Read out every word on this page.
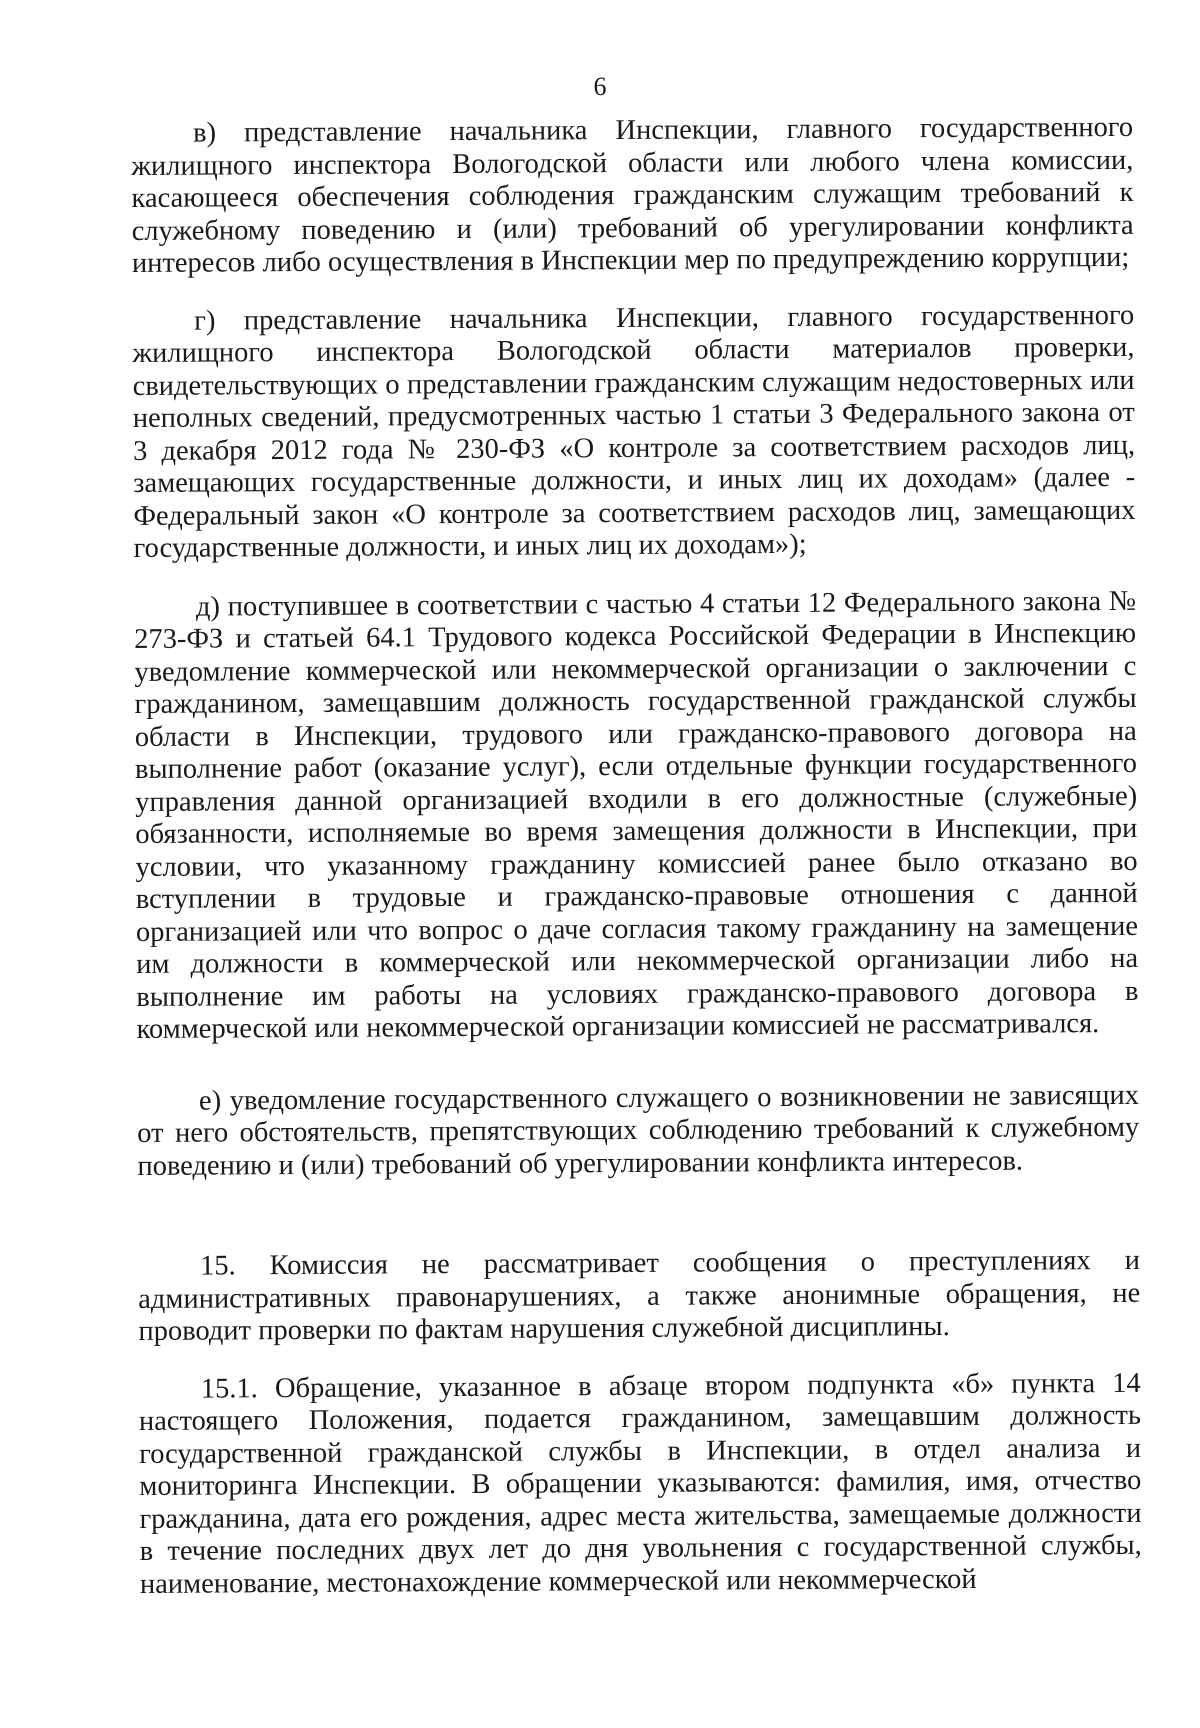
6

в) представление начальника Инспекции, главного государственного жилищного инспектора Вологодской области или любого члена комиссии, касающееся обеспечения соблюдения гражданским служащим требований к служебному поведению и (или) требований об урегулировании конфликта интересов либо осуществления в Инспекции мер по предупреждению коррупции;

г) представление начальника Инспекции, главного государственного жилищного инспектора Вологодской области материалов проверки, свидетельствующих о представлении гражданским служащим недостоверных или неполных сведений, предусмотренных частью 1 статьи 3 Федерального закона от 3 декабря 2012 года № 230-ФЗ «О контроле за соответствием расходов лиц, замещающих государственные должности, и иных лиц их доходам» (далее - Федеральный закон «О контроле за соответствием расходов лиц, замещающих государственные должности, и иных лиц их доходам»);

д) поступившее в соответствии с частью 4 статьи 12 Федерального закона № 273-ФЗ и статьей 64.1 Трудового кодекса Российской Федерации в Инспекцию уведомление коммерческой или некоммерческой организации о заключении с гражданином, замещавшим должность государственной гражданской службы области в Инспекции, трудового или гражданско-правового договора на выполнение работ (оказание услуг), если отдельные функции государственного управления данной организацией входили в его должностные (служебные) обязанности, исполняемые во время замещения должности в Инспекции, при условии, что указанному гражданину комиссией ранее было отказано во вступлении в трудовые и гражданско-правовые отношения с данной организацией или что вопрос о даче согласия такому гражданину на замещение им должности в коммерческой или некоммерческой организации либо на выполнение им работы на условиях гражданско-правового договора в коммерческой или некоммерческой организации комиссией не рассматривался.

е) уведомление государственного служащего о возникновении не зависящих от него обстоятельств, препятствующих соблюдению требований к служебному поведению и (или) требований об урегулировании конфликта интересов.

15. Комиссия не рассматривает сообщения о преступлениях и административных правонарушениях, а также анонимные обращения, не проводит проверки по фактам нарушения служебной дисциплины.

15.1. Обращение, указанное в абзаце втором подпункта «б» пункта 14 настоящего Положения, подается гражданином, замещавшим должность государственной гражданской службы в Инспекции, в отдел анализа и мониторинга Инспекции. В обращении указываются: фамилия, имя, отчество гражданина, дата его рождения, адрес места жительства, замещаемые должности в течение последних двух лет до дня увольнения с государственной службы, наименование, местонахождение коммерческой или некоммерческой
